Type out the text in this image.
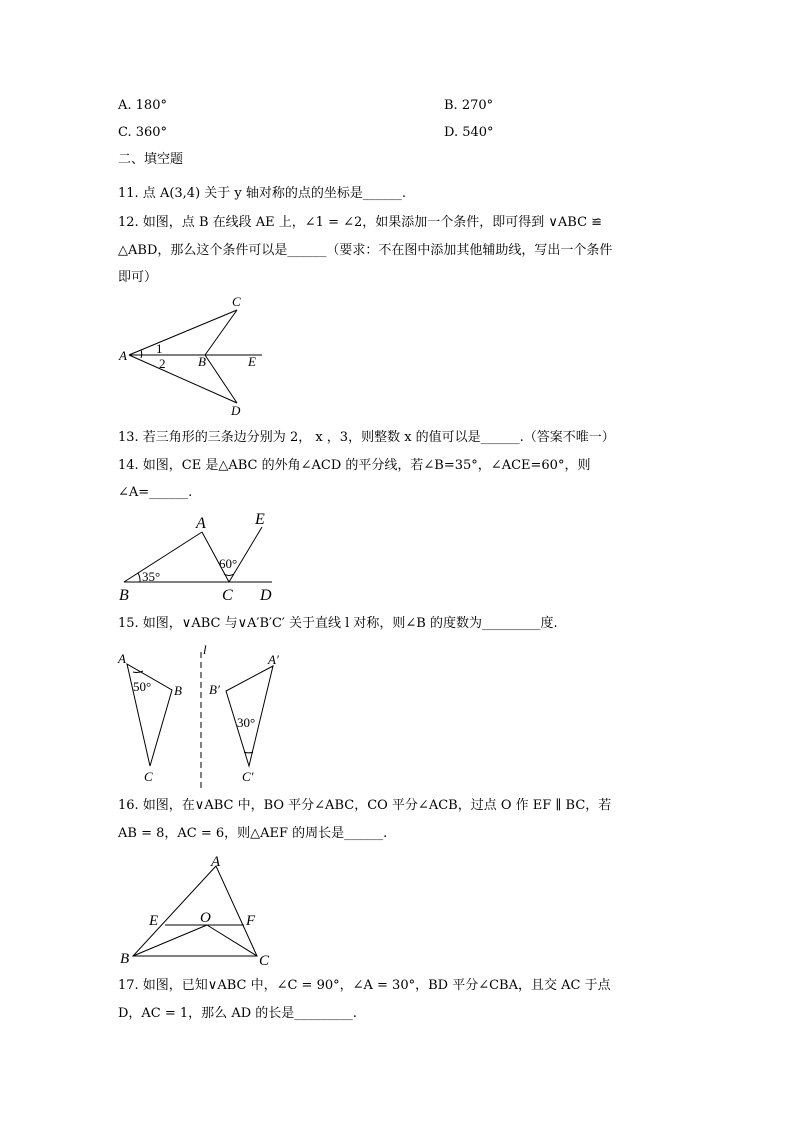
A. 180°	B. 270°
C. 360°	D. 540°
二、填空题
11. 点 A(3,4) 关于 y 轴对称的点的坐标是______.
12. 如图，点 B 在线段 AE 上，∠1 = ∠2，如果添加一个条件，即可得到 ∨ABC ≌
△ABD，那么这个条件可以是______（要求：不在图中添加其他辅助线，写出一个条件
即可）
A
C
B	E
D
1
2
13. 若三角形的三条边分别为 2， x ，3，则整数 x 的值可以是______.（答案不唯一）
14. 如图，CE 是△ABC 的外角∠ACD 的平分线，若∠B=35°，∠ACE=60°，则
∠A=______.
A	E
B	C D
35°
60°
15. 如图，∨ABC 与∨A′B′C′ 关于直线 l 对称，则∠B 的度数为_________度.
A
B
C
l
A′
B′
C′
50°
30°
16. 如图，在∨ABC 中，BO 平分∠ABC，CO 平分∠ACB，过点 O 作 EF ∥ BC，若
AB = 8，AC = 6，则△AEF 的周长是______.
A
E	O F
B	C
17. 如图，已知∨ABC 中，∠C = 90°，∠A = 30°，BD 平分∠CBA，且交 AC 于点
D，AC = 1，那么 AD 的长是_________.
